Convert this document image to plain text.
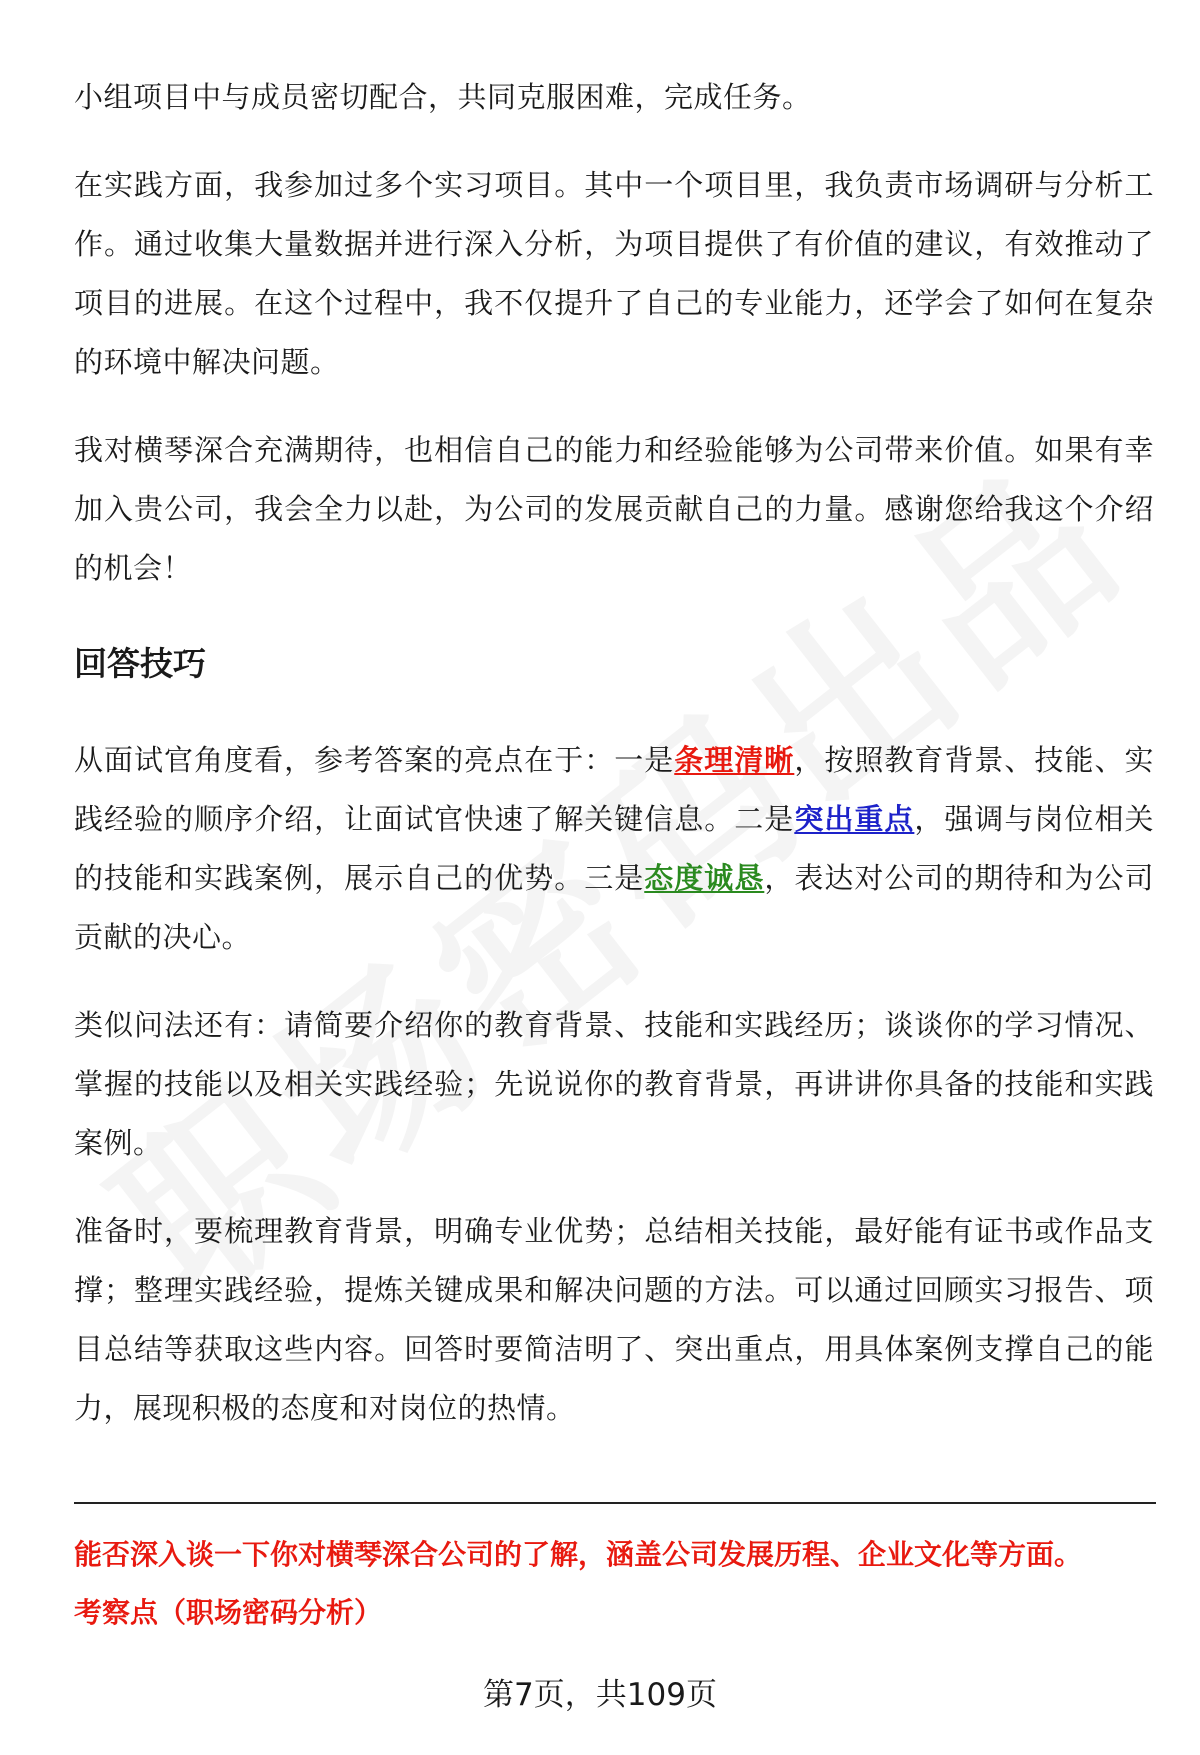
小组项目中与成员密切配合，共同克服困难，完成任务。

在实践方面，我参加过多个实习项目。其中一个项目里，我负责市场调研与分析工作。通过收集大量数据并进行深入分析，为项目提供了有价值的建议，有效推动了项目的进展。在这个过程中，我不仅提升了自己的专业能力，还学会了如何在复杂的环境中解决问题。

我对横琴深合充满期待，也相信自己的能力和经验能够为公司带来价值。如果有幸加入贵公司，我会全力以赴，为公司的发展贡献自己的力量。感谢您给我这个介绍的机会！

回答技巧

从面试官角度看，参考答案的亮点在于：一是条理清晰，按照教育背景、技能、实践经验的顺序介绍，让面试官快速了解关键信息。二是突出重点，强调与岗位相关的技能和实践案例，展示自己的优势。三是态度诚恳，表达对公司的期待和为公司贡献的决心。

类似问法还有：请简要介绍你的教育背景、技能和实践经历；谈谈你的学习情况、掌握的技能以及相关实践经验；先说说你的教育背景，再讲讲你具备的技能和实践案例。

准备时，要梳理教育背景，明确专业优势；总结相关技能，最好能有证书或作品支撑；整理实践经验，提炼关键成果和解决问题的方法。可以通过回顾实习报告、项目总结等获取这些内容。回答时要简洁明了、突出重点，用具体案例支撑自己的能力，展现积极的态度和对岗位的热情。

能否深入谈一下你对横琴深合公司的了解，涵盖公司发展历程、企业文化等方面。
考察点（职场密码分析）
第7页，共109页
